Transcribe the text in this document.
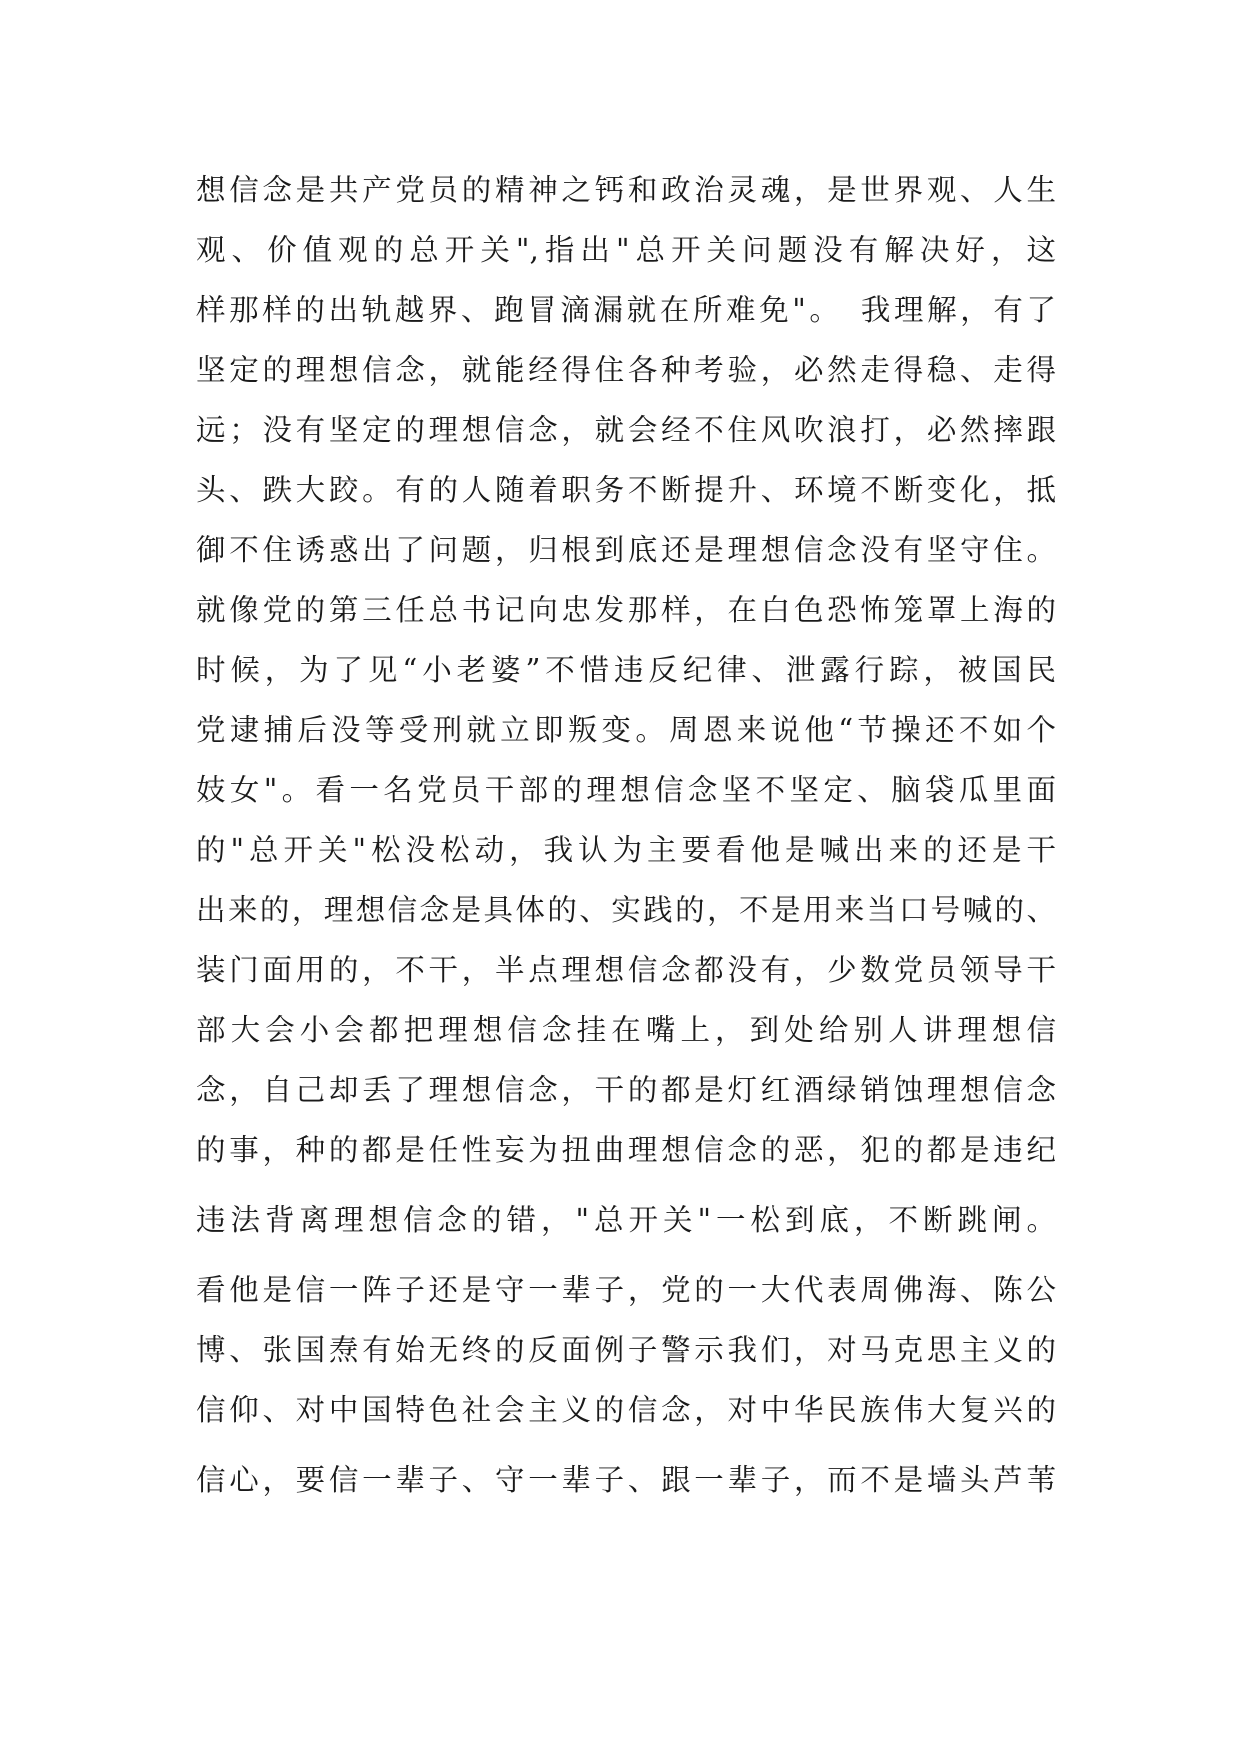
想信念是共产党员的精神之钙和政治灵魂，是世界观、人生
观、价值观的总开关",指出"总开关问题没有解决好，这
样那样的出轨越界、跑冒滴漏就在所难免"。　我理解，有了
坚定的理想信念，就能经得住各种考验，必然走得稳、走得
远；没有坚定的理想信念，就会经不住风吹浪打，必然摔跟
头、跌大跤。有的人随着职务不断提升、环境不断变化，抵
御不住诱惑出了问题，归根到底还是理想信念没有坚守住。
就像党的第三任总书记向忠发那样，在白色恐怖笼罩上海的
时候，为了见“小老婆”不惜违反纪律、泄露行踪，被国民
党逮捕后没等受刑就立即叛变。周恩来说他“节操还不如个
妓女"。看一名党员干部的理想信念坚不坚定、脑袋瓜里面
的"总开关"松没松动，我认为主要看他是喊出来的还是干
出来的，理想信念是具体的、实践的，不是用来当口号喊的、
装门面用的，不干，半点理想信念都没有，少数党员领导干
部大会小会都把理想信念挂在嘴上，到处给别人讲理想信
念，自己却丢了理想信念，干的都是灯红酒绿销蚀理想信念
的事，种的都是任性妄为扭曲理想信念的恶，犯的都是违纪
违法背离理想信念的错，"总开关"一松到底，不断跳闸。
看他是信一阵子还是守一辈子，党的一大代表周佛海、陈公
博、张国焘有始无终的反面例子警示我们，对马克思主义的
信仰、对中国特色社会主义的信念，对中华民族伟大复兴的
信心，要信一辈子、守一辈子、跟一辈子，而不是墙头芦苇
